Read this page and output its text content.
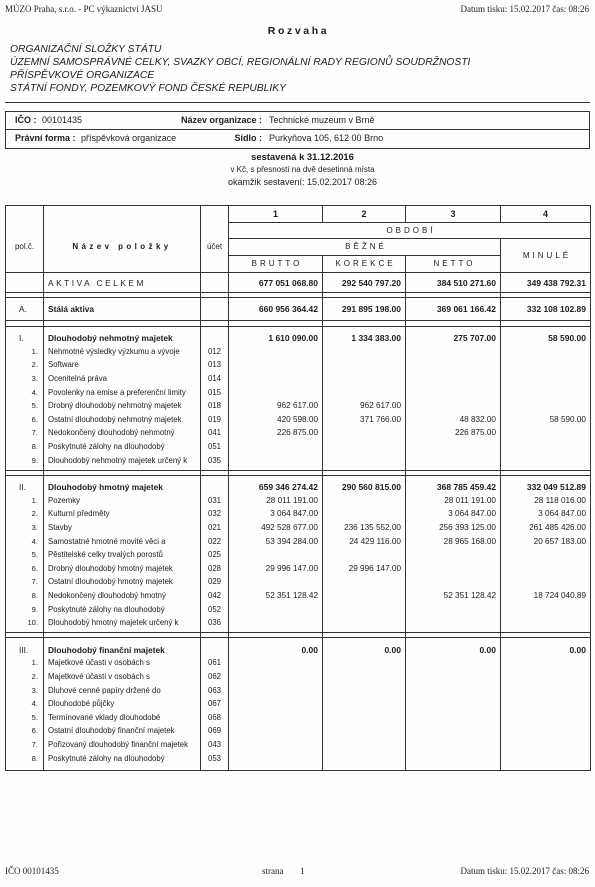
MÚZO Praha, s.r.o. - PC výkaznictví JASU	Datum tisku: 15.02.2017 čas: 08:26
Rozvaha
ORGANIZAČNÍ SLOŽKY STÁTU
ÚZEMNÍ SAMOSPRÁVNÉ CELKY, SVAZKY OBCÍ, REGIONÁLNÍ RADY REGIONŮ SOUDRŽNOSTI
PŘÍSPĚVKOVÉ ORGANIZACE
STÁTNÍ FONDY, POZEMKOVÝ FOND ČESKÉ REPUBLIKY
IČO : 00101435	Název organizace : Technické muzeum v Brně
Právní forma : příspěvková organizace	Sídlo : Purkyňova 105, 612 00 Brno
sestavená k 31.12.2016
v Kč, s přesností na dvě desetinná místa
okamžik sestavení: 15.02.2017 08:26
pol.č.	Název položky	účet	1	2	3	4
			OBDOBÍ			
			BĚŽNÉ			MINULÉ
			BRUTTO	KOREKCE	NETTO	
	AKTIVA CELKEM		677 051 068.80	292 540 797.20	384 510 271.60	349 438 792.31

A.	Stálá aktiva		660 956 364.42	291 895 198.00	369 061 166.42	332 108 102.89

I.	Dlouhodobý nehmotný majetek		1 610 090.00	1 334 383.00	275 707.00	58 590.00
1.	Nehmotné výsledky výzkumu a vývoje	012				
2.	Software	013				
3.	Ocenitelná práva	014				
4.	Povolenky na emise a preferenční limity	015				
5.	Drobný dlouhodobý nehmotný majetek	018	962 617.00	962 617.00		
6.	Ostatní dlouhodobý nehmotný majetek	019	420 598.00	371 766.00	48 832.00	58 590.00
7.	Nedokončený dlouhodobý nehmotný	041	226 875.00		226 875.00	
8.	Poskytnuté zálohy na dlouhodobý	051				
9.	Dlouhodobý nehmotný majetek určený k	035				

II.	Dlouhodobý hmotný majetek		659 346 274.42	290 560 815.00	368 785 459.42	332 049 512.89
1.	Pozemky	031	28 011 191.00		28 011 191.00	28 118 016.00
2.	Kulturní předměty	032	3 064 847.00		3 064 847.00	3 064 847.00
3.	Stavby	021	492 528 677.00	236 135 552.00	256 393 125.00	261 485 426.00
4.	Samostatné hmotné movité věci a	022	53 394 284.00	24 429 116.00	28 965 168.00	20 657 183.00
5.	Pěstitelské celky trvalých porostů	025				
6.	Drobný dlouhodobý hmotný majetek	028	29 996 147.00	29 996 147.00		
7.	Ostatní dlouhodobý hmotný majetek	029				
8.	Nedokončený dlouhodobý hmotný	042	52 351 128.42		52 351 128.42	18 724 040.89
9.	Poskytnuté zálohy na dlouhodobý	052				
10.	Dlouhodobý hmotný majetek určený k	036				

III.	Dlouhodobý finanční majetek		0.00	0.00	0.00	0.00
1.	Majetkové účasti v osobách s	061				
2.	Majetkové účasti v osobách s	062				
3.	Dluhové cenné papíry držené do	063				
4.	Dlouhodobé půjčky	067				
5.	Termínované vklady dlouhodobé	068				
6.	Ostatní dlouhodobý finanční majetek	069				
7.	Pořizovaný dlouhodobý finanční majetek	043				
8.	Poskytnuté zálohy na dlouhodobý	053				

IČO 00101435	strana 1	Datum tisku: 15.02.2017 čas: 08:26
